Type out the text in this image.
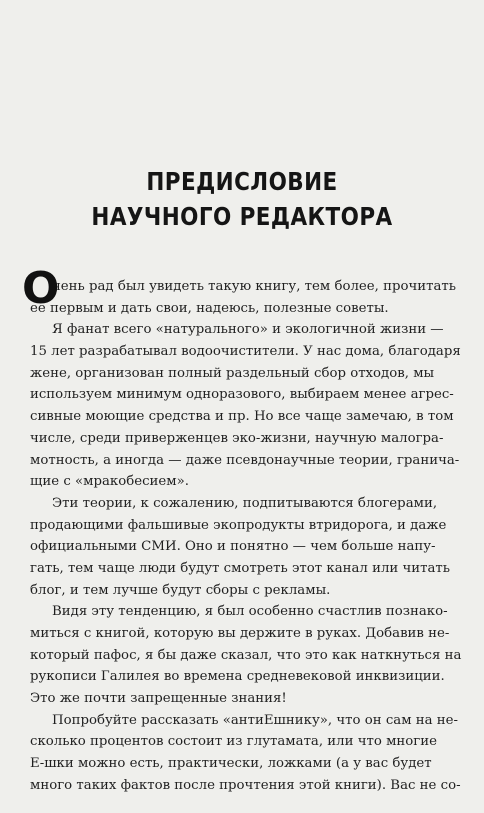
ПРЕДИСЛОВИЕ
НАУЧНОГО РЕДАКТОРА
О
чень рад был увидеть такую книгу, тем более, прочитать
ее первым и дать свои, надеюсь, полезные советы.
Я фанат всего «натурального» и экологичной жизни —
15 лет разрабатывал водоочистители. У нас дома, благодаря
жене, организован полный раздельный сбор отходов, мы
используем минимум одноразового, выбираем менее агрес-
сивные моющие средства и пр. Но все чаще замечаю, в том
числе, среди приверженцев эко-жизни, научную малогра-
мотность, а иногда — даже псевдонаучные теории, гранича-
щие с «мракобесием».
Эти теории, к сожалению, подпитываются блогерами,
продающими фальшивые экопродукты втридорога, и даже
официальными СМИ. Оно и понятно — чем больше напу-
гать, тем чаще люди будут смотреть этот канал или читать
блог, и тем лучше будут сборы с рекламы.
Видя эту тенденцию, я был особенно счастлив познако-
миться с книгой, которую вы держите в руках. Добавив не-
который пафос, я бы даже сказал, что это как наткнуться на
рукописи Галилея во времена средневековой инквизиции.
Это же почти запрещенные знания!
Попробуйте рассказать «антиЕшнику», что он сам на не-
сколько процентов состоит из глутамата, или что многие
Е-шки можно есть, практически, ложками (а у вас будет
много таких фактов после прочтения этой книги). Вас не со-
